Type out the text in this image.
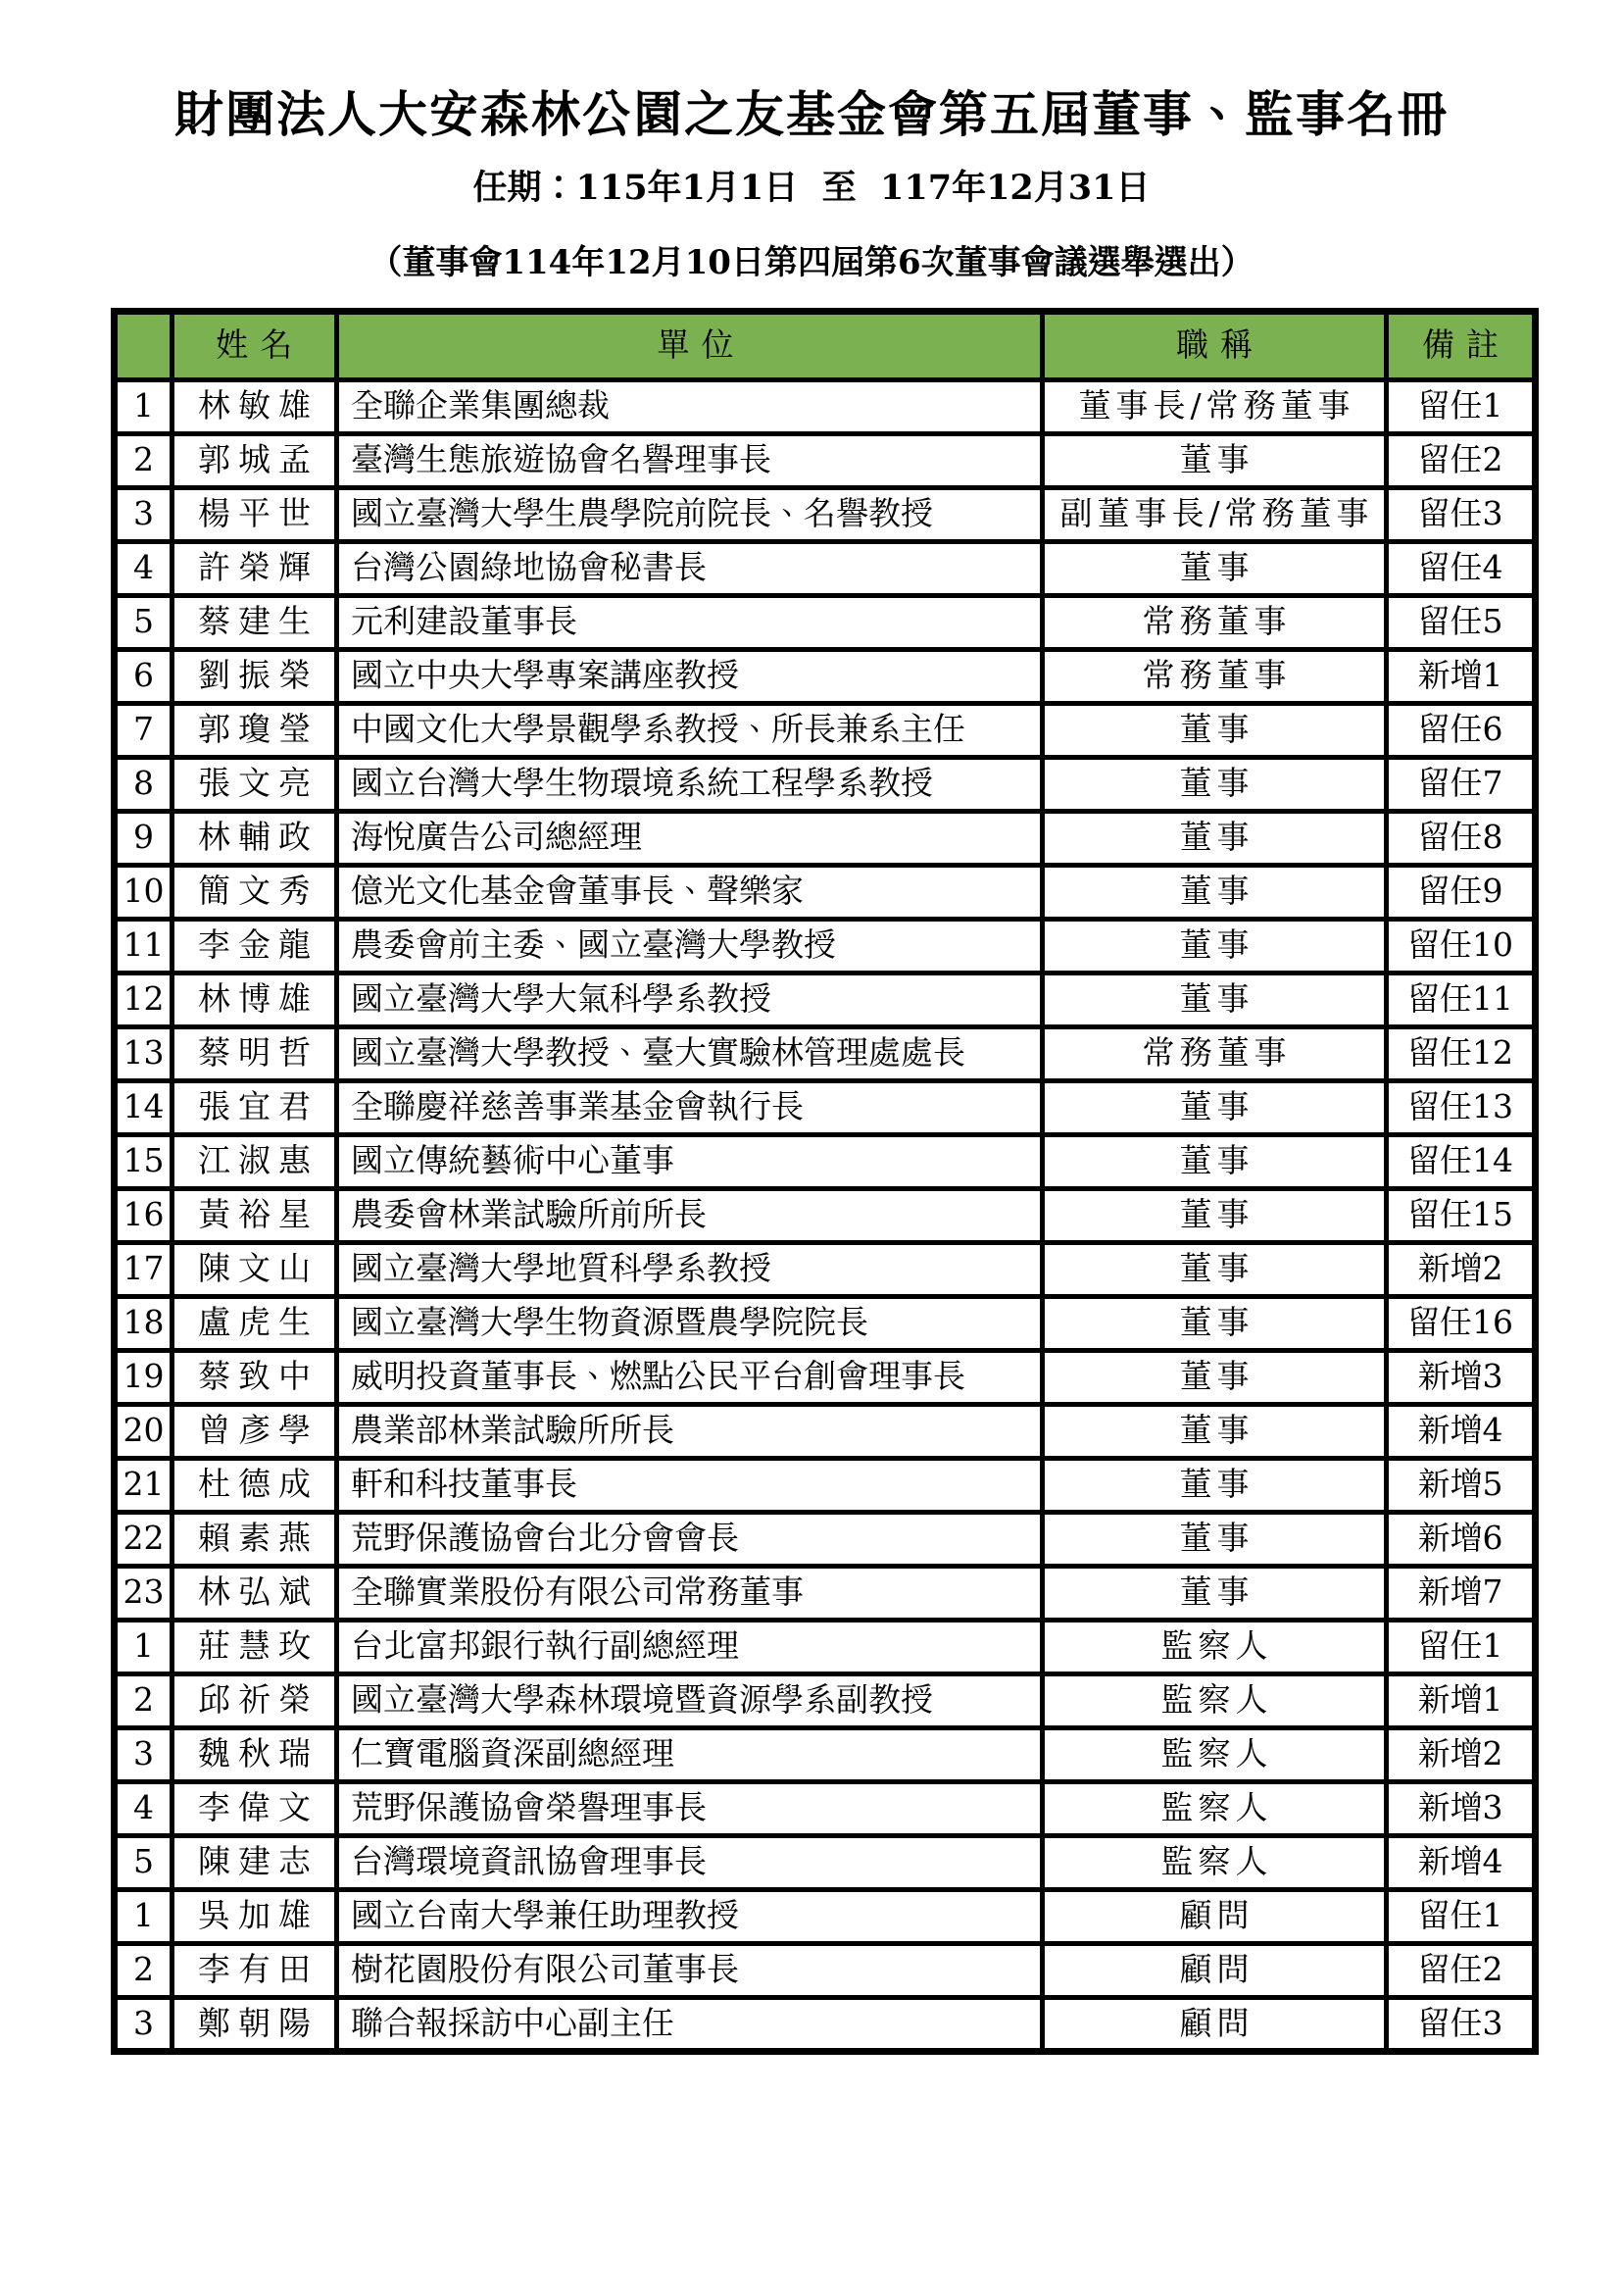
財團法人大安森林公園之友基金會第五屆董事、監事名冊
任期：115年1月1日  至  117年12月31日
（董事會114年12月10日第四屆第6次董事會議選舉選出）
	姓名	單位	職稱	備註
1	林敏雄	全聯企業集團總裁	董事長/常務董事	留任1
2	郭城孟	臺灣生態旅遊協會名譽理事長	董事	留任2
3	楊平世	國立臺灣大學生農學院前院長、名譽教授	副董事長/常務董事	留任3
4	許榮輝	台灣公園綠地協會秘書長	董事	留任4
5	蔡建生	元利建設董事長	常務董事	留任5
6	劉振榮	國立中央大學專案講座教授	常務董事	新增1
7	郭瓊瑩	中國文化大學景觀學系教授、所長兼系主任	董事	留任6
8	張文亮	國立台灣大學生物環境系統工程學系教授	董事	留任7
9	林輔政	海悅廣告公司總經理	董事	留任8
10	簡文秀	億光文化基金會董事長、聲樂家	董事	留任9
11	李金龍	農委會前主委、國立臺灣大學教授	董事	留任10
12	林博雄	國立臺灣大學大氣科學系教授	董事	留任11
13	蔡明哲	國立臺灣大學教授、臺大實驗林管理處處長	常務董事	留任12
14	張宜君	全聯慶祥慈善事業基金會執行長	董事	留任13
15	江淑惠	國立傳統藝術中心董事	董事	留任14
16	黃裕星	農委會林業試驗所前所長	董事	留任15
17	陳文山	國立臺灣大學地質科學系教授	董事	新增2
18	盧虎生	國立臺灣大學生物資源暨農學院院長	董事	留任16
19	蔡致中	威明投資董事長、燃點公民平台創會理事長	董事	新增3
20	曾彥學	農業部林業試驗所所長	董事	新增4
21	杜德成	軒和科技董事長	董事	新增5
22	賴素燕	荒野保護協會台北分會會長	董事	新增6
23	林弘斌	全聯實業股份有限公司常務董事	董事	新增7
1	莊慧玫	台北富邦銀行執行副總經理	監察人	留任1
2	邱祈榮	國立臺灣大學森林環境暨資源學系副教授	監察人	新增1
3	魏秋瑞	仁寶電腦資深副總經理	監察人	新增2
4	李偉文	荒野保護協會榮譽理事長	監察人	新增3
5	陳建志	台灣環境資訊協會理事長	監察人	新增4
1	吳加雄	國立台南大學兼任助理教授	顧問	留任1
2	李有田	樹花園股份有限公司董事長	顧問	留任2
3	鄭朝陽	聯合報採訪中心副主任	顧問	留任3
